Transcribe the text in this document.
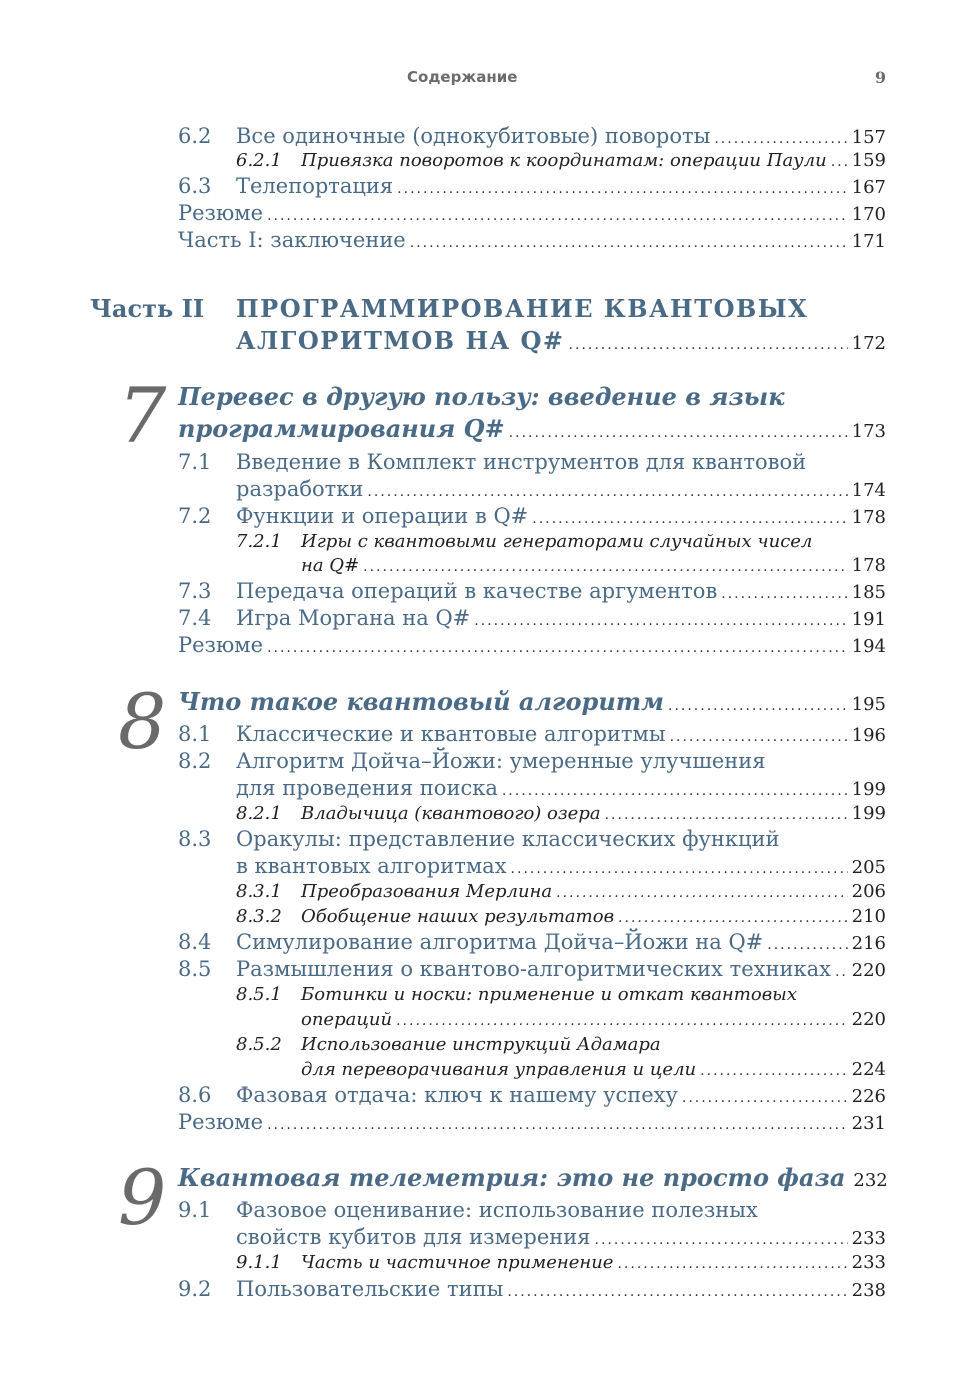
Содержание	9
6.2 Все одиночные (однокубитовые) повороты .....	157
6.2.1 Привязка поворотов к координатам: операции Паули ..... 159
6.3 Телепортация .....	167
Резюме .....	170
Часть I: заключение .....	171
Часть II ПРОГРАММИРОВАНИЕ КВАНТОВЫХ
АЛГОРИТМОВ НА Q# .....	172
7 Перевес в другую пользу: введение в язык
программирования Q# .....	173
7.1 Введение в Комплект инструментов для квантовой
разработки .....	174
7.2 Функции и операции в Q# .....	178
7.2.1 Игры с квантовыми генераторами случайных чисел
на Q# .....	178
7.3 Передача операций в качестве аргументов .....	185
7.4 Игра Моргана на Q# .....	191
Резюме .....	194
8 Что такое квантовый алгоритм .....	195
8.1 Классические и квантовые алгоритмы .....	196
8.2 Алгоритм Дойча–Йожи: умеренные улучшения
для проведения поиска .....	199
8.2.1 Владычица (квантового) озера .....	199
8.3 Оракулы: представление классических функций
в квантовых алгоритмах .....	205
8.3.1 Преобразования Мерлина .....	206
8.3.2 Обобщение наших результатов .....	210
8.4 Симулирование алгоритма Дойча–Йожи на Q# .....	216
8.5 Размышления о квантово-алгоритмических техниках ..... 220
8.5.1 Ботинки и носки: применение и откат квантовых
операций .....	220
8.5.2 Использование инструкций Адамара
для переворачивания управления и цели .....	224
8.6 Фазовая отдача: ключ к нашему успеху .....	226
Резюме .....	231
9 Квантовая телеметрия: это не просто фаза 232
9.1 Фазовое оценивание: использование полезных
свойств кубитов для измерения .....	233
9.1.1 Часть и частичное применение .....	233
9.2 Пользовательские типы .....	238
